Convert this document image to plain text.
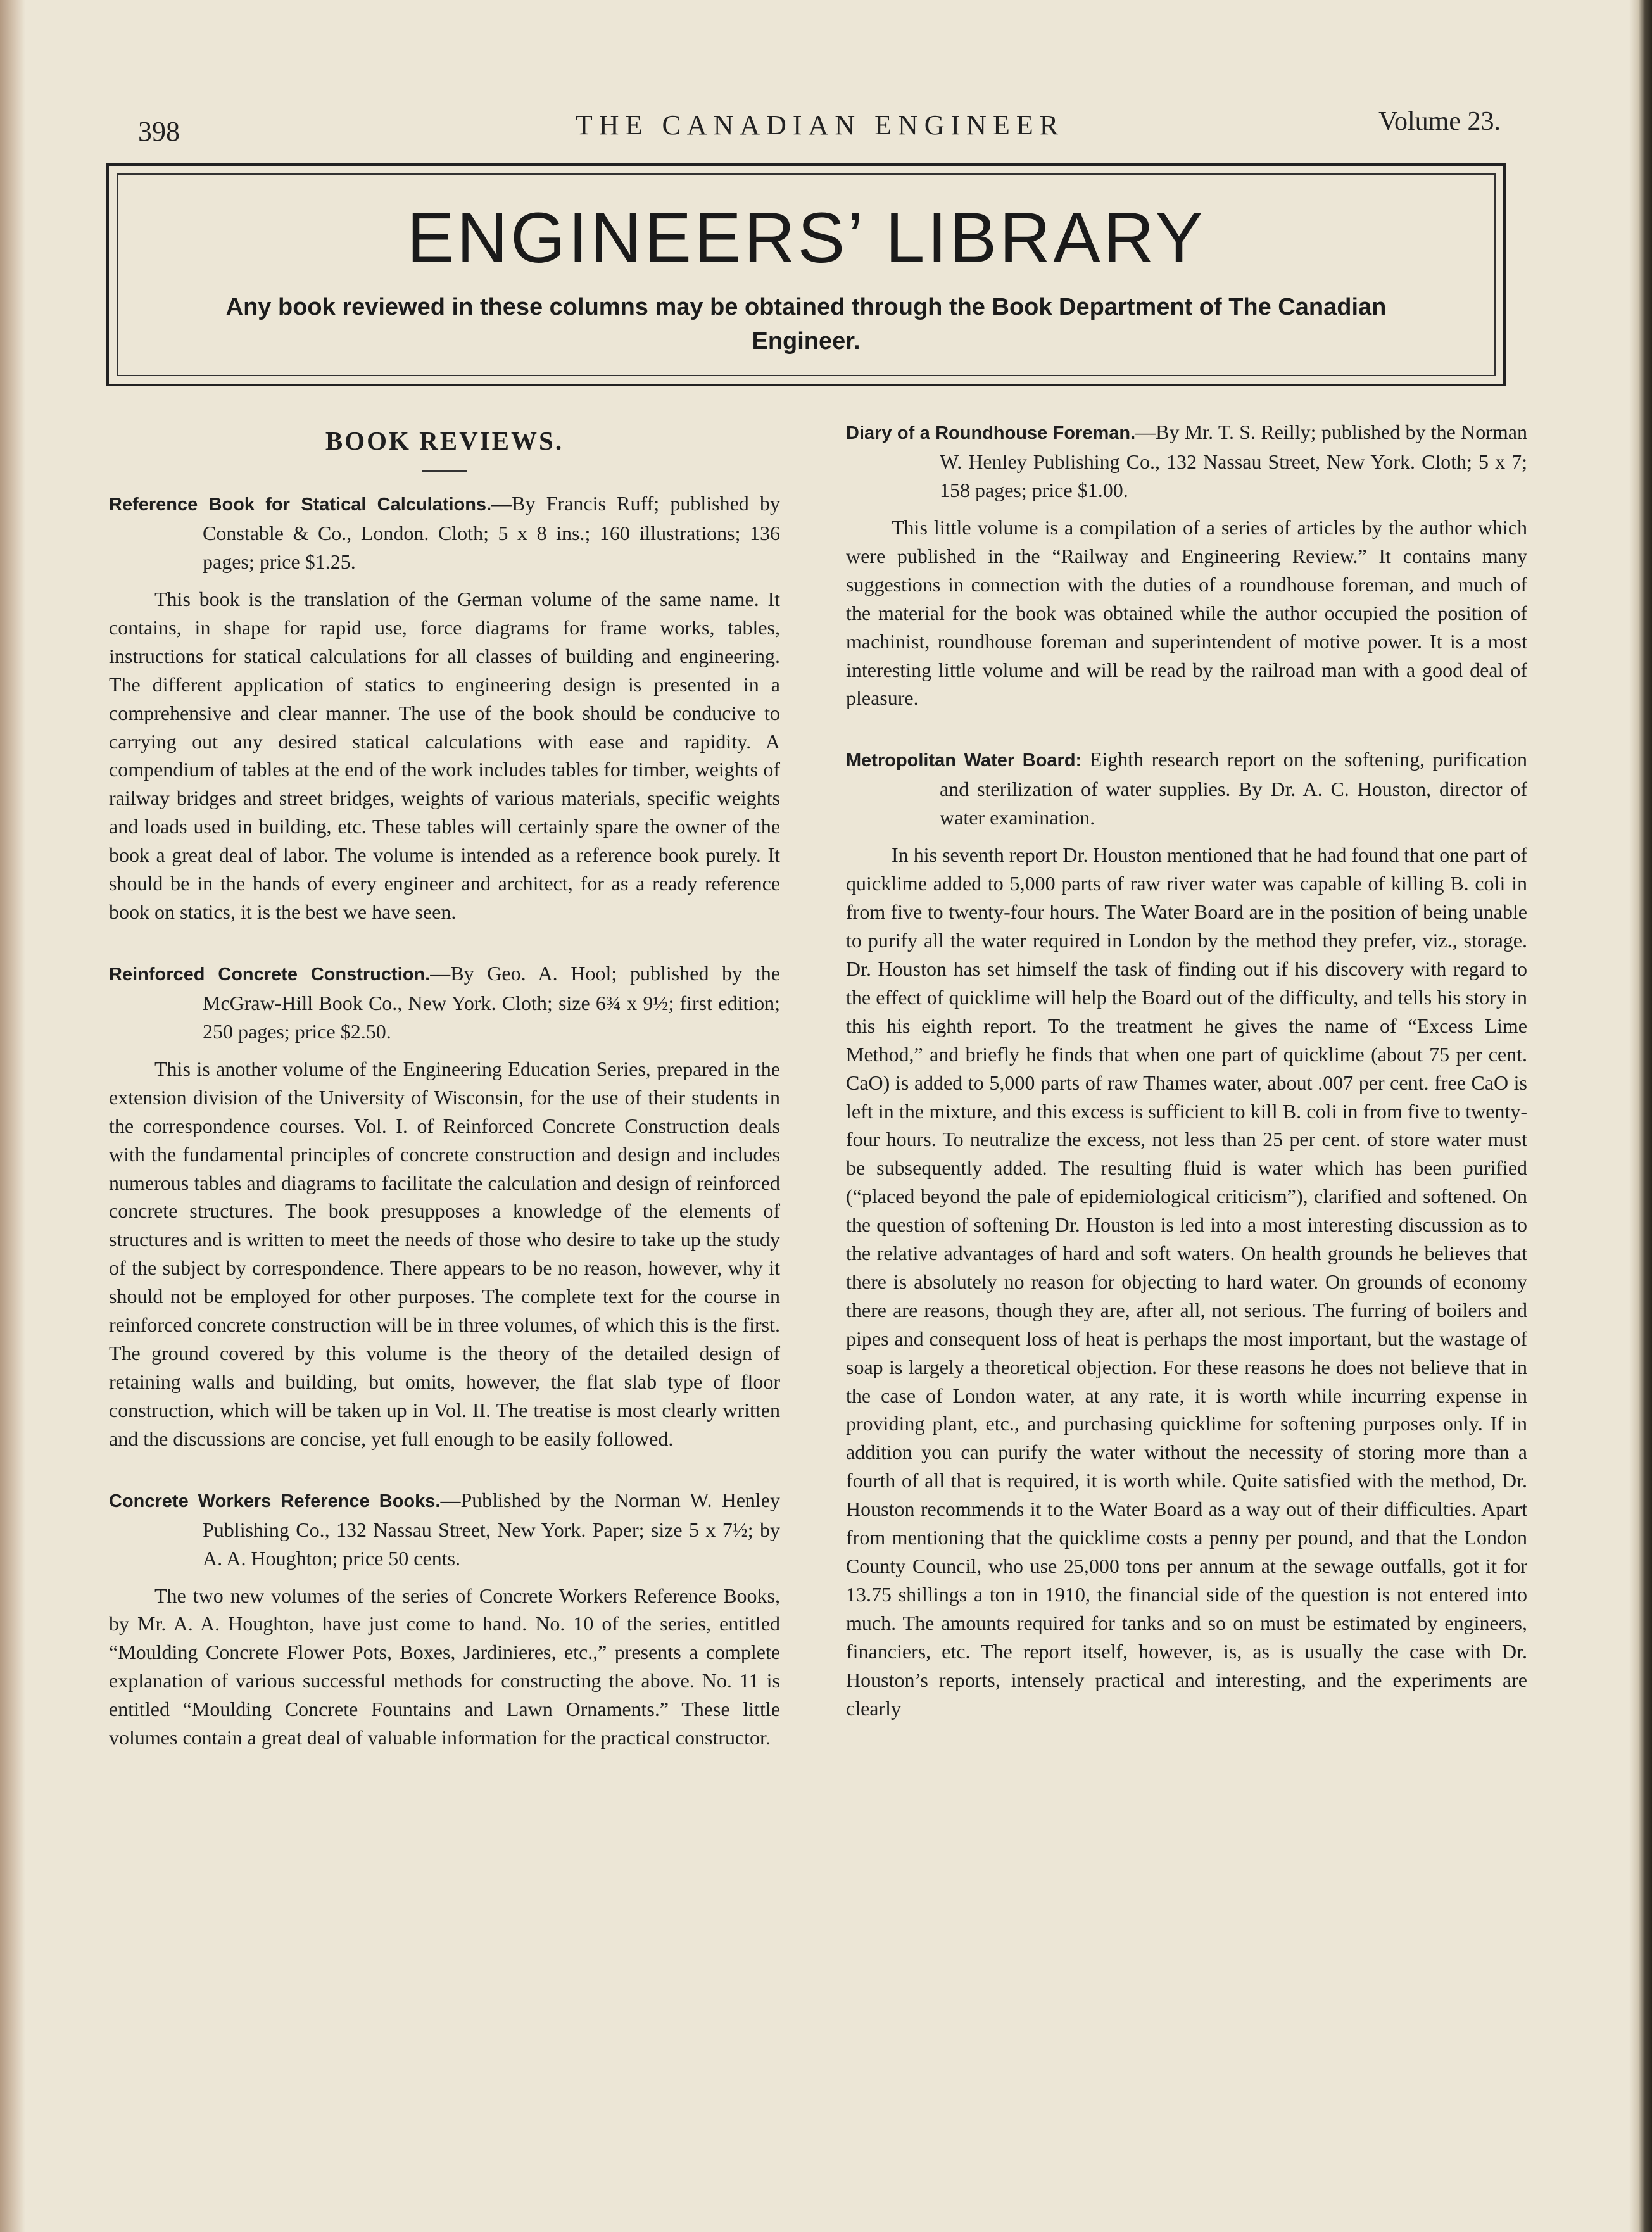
398	THE CANADIAN ENGINEER	Volume 23.
ENGINEERS’ LIBRARY
Any book reviewed in these columns may be obtained through the Book Department of The Canadian Engineer.
BOOK REVIEWS.
Reference Book for Statical Calculations.—By Francis Ruff; published by Constable & Co., London. Cloth; 5 x 8 ins.; 160 illustrations; 136 pages; price $1.25.
This book is the translation of the German volume of the same name. It contains, in shape for rapid use, force diagrams for frame works, tables, instructions for statical calculations for all classes of building and engineering. The different application of statics to engineering design is presented in a comprehensive and clear manner. The use of the book should be conducive to carrying out any desired statical calculations with ease and rapidity. A compendium of tables at the end of the work includes tables for timber, weights of railway bridges and street bridges, weights of various materials, specific weights and loads used in building, etc. These tables will certainly spare the owner of the book a great deal of labor. The volume is intended as a reference book purely. It should be in the hands of every engineer and architect, for as a ready reference book on statics, it is the best we have seen.
Reinforced Concrete Construction.—By Geo. A. Hool; published by the McGraw-Hill Book Co., New York. Cloth; size 6¾ x 9½; first edition; 250 pages; price $2.50.
This is another volume of the Engineering Education Series, prepared in the extension division of the University of Wisconsin, for the use of their students in the correspondence courses. Vol. I. of Reinforced Concrete Construction deals with the fundamental principles of concrete construction and design and includes numerous tables and diagrams to facilitate the calculation and design of reinforced concrete structures. The book presupposes a knowledge of the elements of structures and is written to meet the needs of those who desire to take up the study of the subject by correspondence. There appears to be no reason, however, why it should not be employed for other purposes. The complete text for the course in reinforced concrete construction will be in three volumes, of which this is the first. The ground covered by this volume is the theory of the detailed design of retaining walls and building, but omits, however, the flat slab type of floor construction, which will be taken up in Vol. II. The treatise is most clearly written and the discussions are concise, yet full enough to be easily followed.
Concrete Workers Reference Books.—Published by the Norman W. Henley Publishing Co., 132 Nassau Street, New York. Paper; size 5 x 7½; by A. A. Houghton; price 50 cents.
The two new volumes of the series of Concrete Workers Reference Books, by Mr. A. A. Houghton, have just come to hand. No. 10 of the series, entitled “Moulding Concrete Flower Pots, Boxes, Jardinieres, etc.,” presents a complete explanation of various successful methods for constructing the above. No. 11 is entitled “Moulding Concrete Fountains and Lawn Ornaments.” These little volumes contain a great deal of valuable information for the practical constructor.
Diary of a Roundhouse Foreman.—By Mr. T. S. Reilly; published by the Norman W. Henley Publishing Co., 132 Nassau Street, New York. Cloth; 5 x 7; 158 pages; price $1.00.
This little volume is a compilation of a series of articles by the author which were published in the “Railway and Engineering Review.” It contains many suggestions in connection with the duties of a roundhouse foreman, and much of the material for the book was obtained while the author occupied the position of machinist, roundhouse foreman and superintendent of motive power. It is a most interesting little volume and will be read by the railroad man with a good deal of pleasure.
Metropolitan Water Board: Eighth research report on the softening, purification and sterilization of water supplies. By Dr. A. C. Houston, director of water examination.
In his seventh report Dr. Houston mentioned that he had found that one part of quicklime added to 5,000 parts of raw river water was capable of killing B. coli in from five to twenty-four hours. The Water Board are in the position of being unable to purify all the water required in London by the method they prefer, viz., storage. Dr. Houston has set himself the task of finding out if his discovery with regard to the effect of quicklime will help the Board out of the difficulty, and tells his story in this his eighth report. To the treatment he gives the name of “Excess Lime Method,” and briefly he finds that when one part of quicklime (about 75 per cent. CaO) is added to 5,000 parts of raw Thames water, about .007 per cent. free CaO is left in the mixture, and this excess is sufficient to kill B. coli in from five to twenty-four hours. To neutralize the excess, not less than 25 per cent. of store water must be subsequently added. The resulting fluid is water which has been purified (“placed beyond the pale of epidemiological criticism”), clarified and softened. On the question of softening Dr. Houston is led into a most interesting discussion as to the relative advantages of hard and soft waters. On health grounds he believes that there is absolutely no reason for objecting to hard water. On grounds of economy there are reasons, though they are, after all, not serious. The furring of boilers and pipes and consequent loss of heat is perhaps the most important, but the wastage of soap is largely a theoretical objection. For these reasons he does not believe that in the case of London water, at any rate, it is worth while incurring expense in providing plant, etc., and purchasing quicklime for softening purposes only. If in addition you can purify the water without the necessity of storing more than a fourth of all that is required, it is worth while. Quite satisfied with the method, Dr. Houston recommends it to the Water Board as a way out of their difficulties. Apart from mentioning that the quicklime costs a penny per pound, and that the London County Council, who use 25,000 tons per annum at the sewage outfalls, got it for 13.75 shillings a ton in 1910, the financial side of the question is not entered into much. The amounts required for tanks and so on must be estimated by engineers, financiers, etc. The report itself, however, is, as is usually the case with Dr. Houston’s reports, intensely practical and interesting, and the experiments are clearly
